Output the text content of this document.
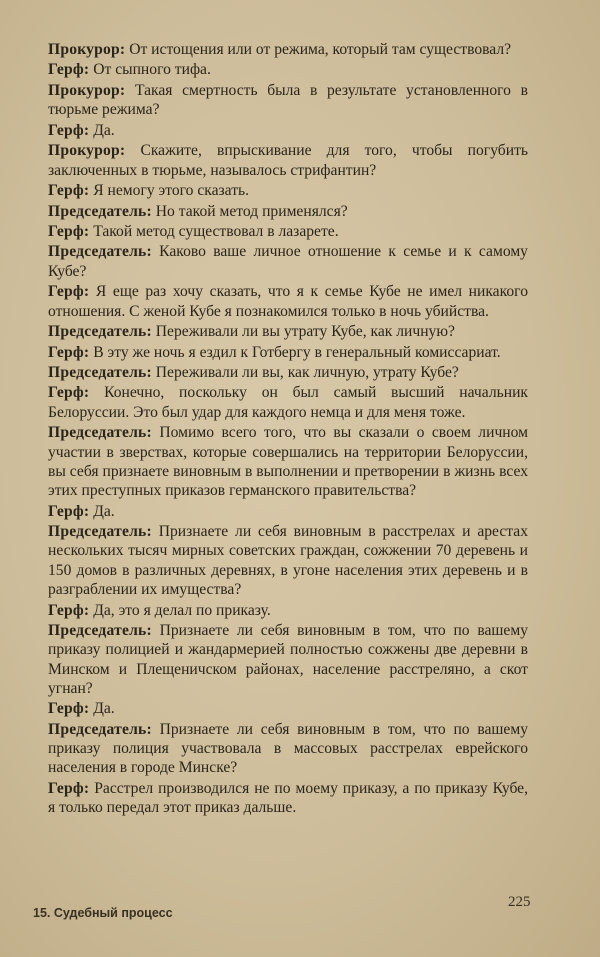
Прокурор: От истощения или от режима, который там существовал?

Герф: От сыпного тифа.

Прокурор: Такая смертность была в результате установленного в тюрьме режима?

Герф: Да.

Прокурор: Скажите, впрыскивание для того, чтобы погубить заключенных в тюрьме, называлось стрифантин?

Герф: Я немогу этого сказать.

Председатель: Но такой метод применялся?

Герф: Такой метод существовал в лазарете.

Председатель: Каково ваше личное отношение к семье и к самому Кубе?

Герф: Я еще раз хочу сказать, что я к семье Кубе не имел никакого отношения. С женой Кубе я познакомился только в ночь убийства.

Председатель: Переживали ли вы утрату Кубе, как личную?

Герф: В эту же ночь я ездил к Готбергу в генеральный комиссариат.

Председатель: Переживали ли вы, как личную, утрату Кубе?

Герф: Конечно, поскольку он был самый высший начальник Белоруссии. Это был удар для каждого немца и для меня тоже.

Председатель: Помимо всего того, что вы сказали о своем личном участии в зверствах, которые совершались на территории Белоруссии, вы себя признаете виновным в выполнении и претворении в жизнь всех этих преступных приказов германского правительства?

Герф: Да.

Председатель: Признаете ли себя виновным в расстрелах и арестах нескольких тысяч мирных советских граждан, сожжении 70 деревень и 150 домов в различных деревнях, в угоне населения этих деревень и в разграблении их имущества?

Герф: Да, это я делал по приказу.

Председатель: Признаете ли себя виновным в том, что по вашему приказу полицией и жандармерией полностью сожжены две деревни в Минском и Плещеничском районах, население расстреляно, а скот угнан?

Герф: Да.

Председатель: Признаете ли себя виновным в том, что по вашему приказу полиция участвовала в массовых расстрелах еврейского населения в городе Минске?

Герф: Расстрел производился не по моему приказу, а по приказу Кубе, я только передал этот приказ дальше.

15. Судебный процесс
225
